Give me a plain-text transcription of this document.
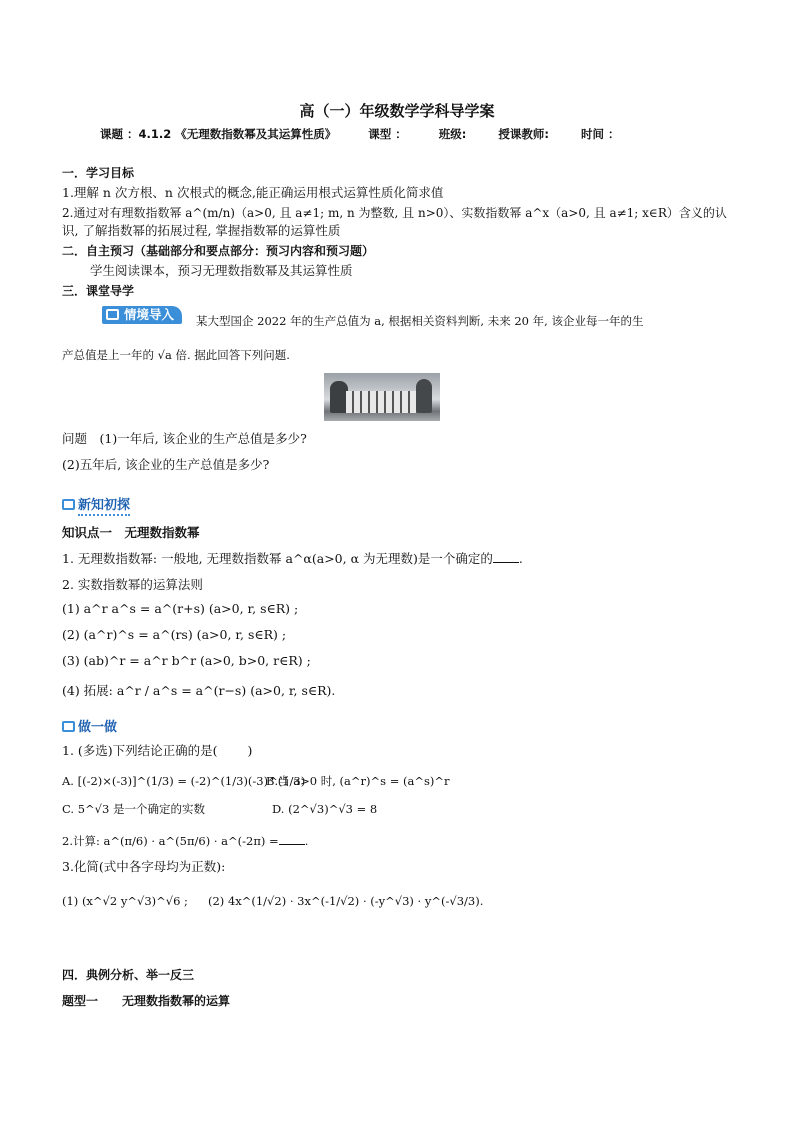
高（一）年级数学学科导学案
课题 ：4.1.2 《无理数指数幂及其运算性质》	课型 ：	班级:	授课教师:	时间 ：
一．学习目标
1.理解 n 次方根、n 次根式的概念,能正确运用根式运算性质化简求值
2.通过对有理数指数幂 a^(m/n)（a>0, 且 a≠1; m, n 为整数, 且 n>0）、实数指数幂 a^x（a>0, 且 a≠1; x∈R）含义的认
识, 了解指数幂的拓展过程, 掌握指数幂的运算性质
二．自主预习（基础部分和要点部分：预习内容和预习题）
学生阅读课本，预习无理数指数幂及其运算性质
三．课堂导学
情境导入	某大型国企 2022 年的生产总值为 a, 根据相关资料判断, 未来 20 年, 该企业每一年的生
产总值是上一年的 √a 倍. 据此回答下列问题.
问题　(1)一年后, 该企业的生产总值是多少?
(2)五年后, 该企业的生产总值是多少?
新知初探
知识点一　无理数指数幂
1. 无理数指数幂: 一般地, 无理数指数幂 a^α(a>0, α 为无理数)是一个确定的 .
2. 实数指数幂的运算法则
(1) a^r a^s = a^(r+s) (a>0, r, s∈R) ;
(2) (a^r)^s = a^(rs) (a>0, r, s∈R) ;
(3) (ab)^r = a^r b^r (a>0, b>0, r∈R) ;
(4) 拓展: a^r / a^s = a^(r−s) (a>0, r, s∈R).
做一做
1. (多选)下列结论正确的是( )
A. [(-2)×(-3)]^(1/3) = (-2)^(1/3)(-3)^(1/3)
B.当 a>0 时, (a^r)^s = (a^s)^r
C. 5^√3 是一个确定的实数	D. (2^√3)^√3 = 8
2.计算: a^(π/6) · a^(5π/6) · a^(-2π) = .
3.化简(式中各字母均为正数):
(1) (x^√2 y^√3)^√6 ; (2) 4x^(1/√2) · 3x^(-1/√2) · (-y^√3) · y^(-√3/3).
四．典例分析、举一反三
题型一　　无理数指数幂的运算
